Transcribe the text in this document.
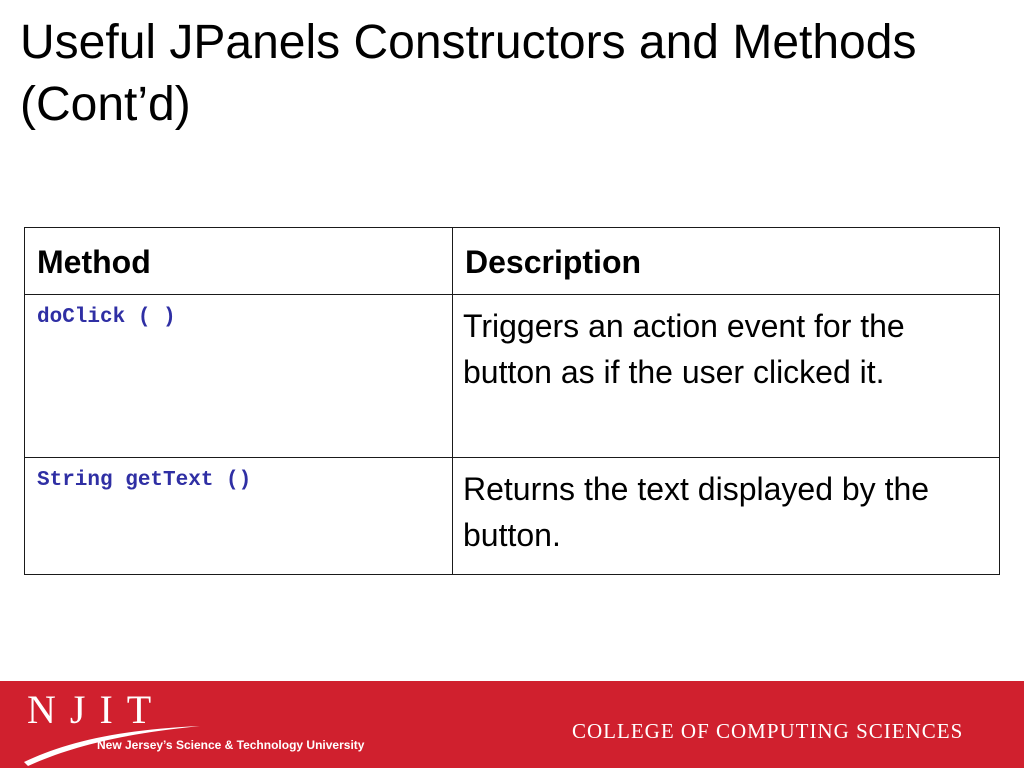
Useful JPanels Constructors and Methods (Cont’d)
Method	Description
doClick ( )	Triggers an action event for the button as if the user clicked it.
String getText ()	Returns the text displayed by the button.
NJIT
New Jersey’s Science & Technology University
COLLEGE OF COMPUTING SCIENCES
